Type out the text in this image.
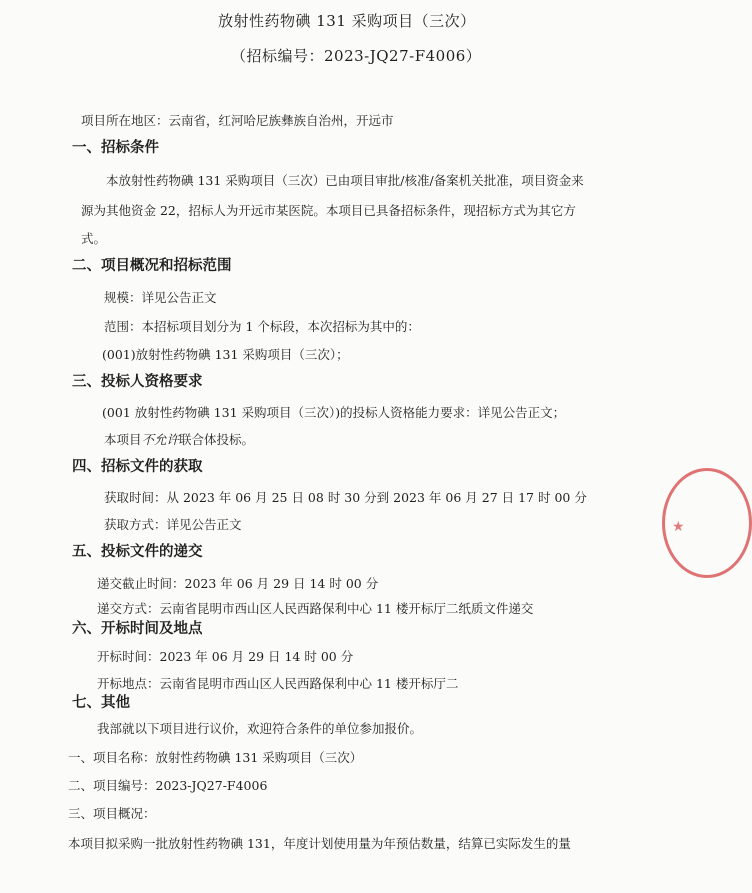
放射性药物碘 131 采购项目（三次）
（招标编号：2023-JQ27-F4006）
项目所在地区：云南省，红河哈尼族彝族自治州，开远市
一、招标条件
本放射性药物碘 131 采购项目（三次）已由项目审批/核准/备案机关批准，项目资金来
源为其他资金 22，招标人为开远市某医院。本项目已具备招标条件，现招标方式为其它方
式。
二、项目概况和招标范围
规模：详见公告正文
范围：本招标项目划分为 1 个标段，本次招标为其中的：
(001)放射性药物碘 131 采购项目（三次）；
三、投标人资格要求
(001 放射性药物碘 131 采购项目（三次）)的投标人资格能力要求：详见公告正文；
本项目不允许联合体投标。
四、招标文件的获取
获取时间：从 2023 年 06 月 25 日 08 时 30 分到 2023 年 06 月 27 日 17 时 00 分
获取方式：详见公告正文
五、投标文件的递交
递交截止时间：2023 年 06 月 29 日 14 时 00 分
递交方式：云南省昆明市西山区人民西路保利中心 11 楼开标厅二纸质文件递交
六、开标时间及地点
开标时间：2023 年 06 月 29 日 14 时 00 分
开标地点：云南省昆明市西山区人民西路保利中心 11 楼开标厅二
七、其他
我部就以下项目进行议价，欢迎符合条件的单位参加报价。
一、项目名称：放射性药物碘 131 采购项目（三次）
二、项目编号：2023-JQ27-F4006
三、项目概况：
本项目拟采购一批放射性药物碘 131，年度计划使用量为年预估数量，结算已实际发生的量
★
